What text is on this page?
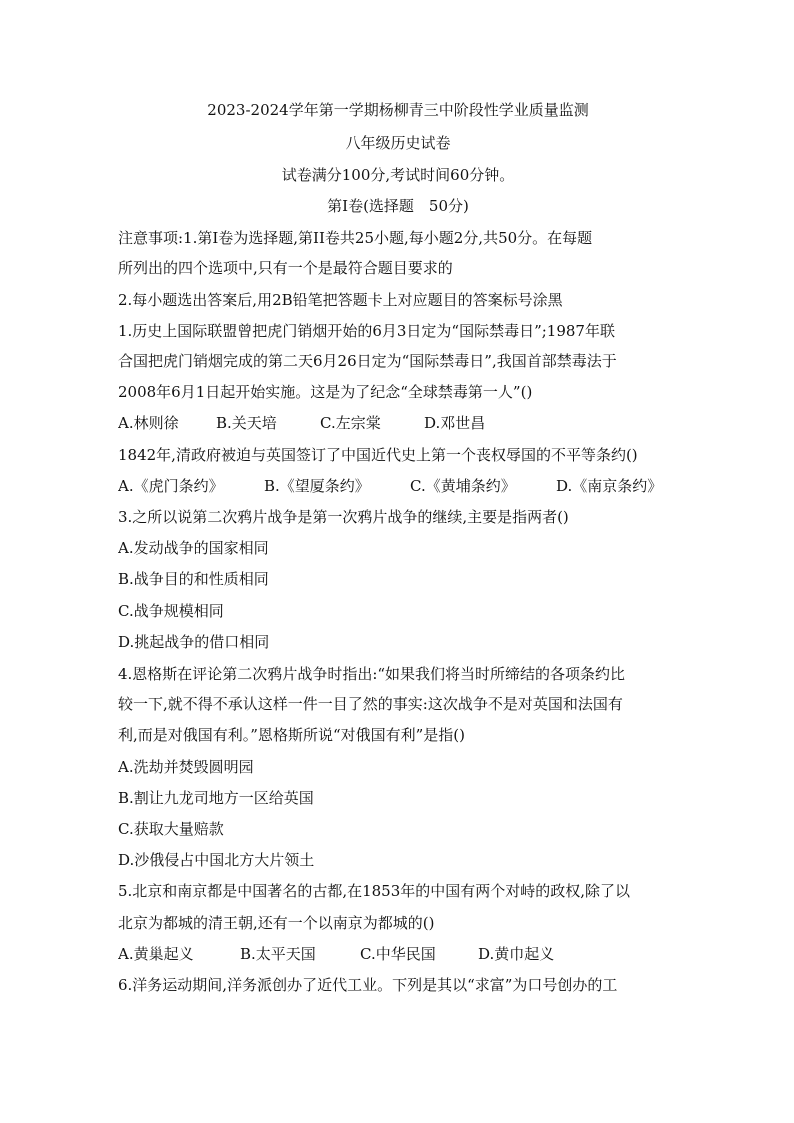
2023-2024学年第一学期杨柳青三中阶段性学业质量监测
八年级历史试卷
试卷满分100分,考试时间60分钟。
第Ⅰ卷(选择题　50分)
注意事项:1.第Ⅰ卷为选择题,第II卷共25小题,每小题2分,共50分。在每题
所列出的四个选项中,只有一个是最符合题目要求的
2.每小题选出答案后,用2B铅笔把答题卡上对应题目的答案标号涂黑
1.历史上国际联盟曾把虎门销烟开始的6月3日定为“国际禁毒日”;1987年联
合国把虎门销烟完成的第二天6月26日定为“国际禁毒日”,我国首部禁毒法于
2008年6月1日起开始实施。这是为了纪念“全球禁毒第一人”()
A.林则徐	B.关天培	C.左宗棠	D.邓世昌
1842年,清政府被迫与英国签订了中国近代史上第一个丧权辱国的不平等条约()
A.《虎门条约》	B.《望厦条约》	C.《黄埔条约》	D.《南京条约》
3.之所以说第二次鸦片战争是第一次鸦片战争的继续,主要是指两者()
A.发动战争的国家相同
B.战争目的和性质相同
C.战争规模相同
D.挑起战争的借口相同
4.恩格斯在评论第二次鸦片战争时指出:“如果我们将当时所缔结的各项条约比
较一下,就不得不承认这样一件一目了然的事实:这次战争不是对英国和法国有
利,而是对俄国有利。”恩格斯所说“对俄国有利”是指()
A.洗劫并焚毁圆明园
B.割让九龙司地方一区给英国
C.获取大量赔款
D.沙俄侵占中国北方大片领土
5.北京和南京都是中国著名的古都,在1853年的中国有两个对峙的政权,除了以
北京为都城的清王朝,还有一个以南京为都城的()
A.黄巢起义	B.太平天国	C.中华民国	D.黄巾起义
6.洋务运动期间,洋务派创办了近代工业。下列是其以“求富”为口号创办的工
